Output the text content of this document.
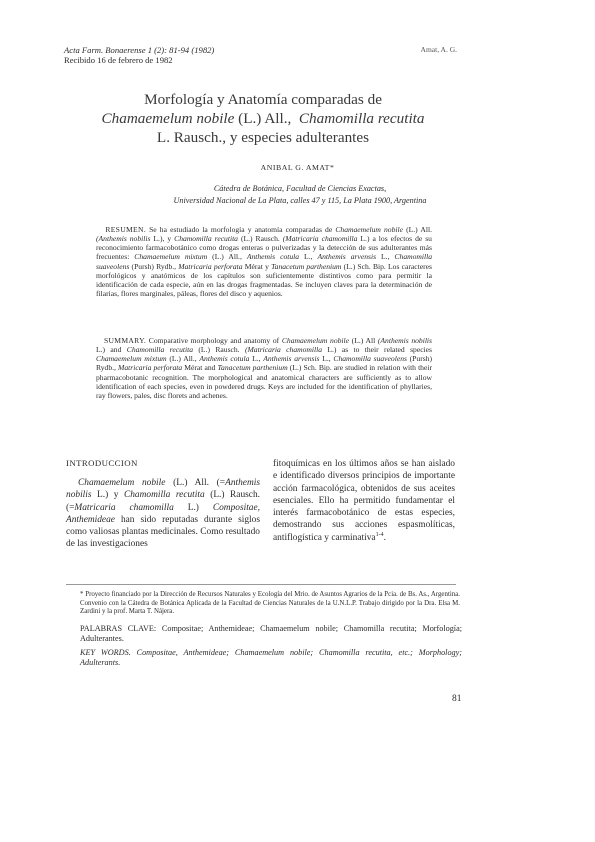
Acta Farm. Bonaerense 1 (2): 81-94 (1982)
Recibido 16 de febrero de 1982
Amat, A. G.
Morfología y Anatomía comparadas de
Chamaemelum nobile (L.) All., Chamomilla recutita
L. Rausch., y especies adulterantes
ANIBAL G. AMAT*
Cátedra de Botánica, Facultad de Ciencias Exactas,
Universidad Nacional de La Plata, calles 47 y 115, La Plata 1900, Argentina
RESUMEN. Se ha estudiado la morfología y anatomía comparadas de Chamaemelum nobile (L.) All. (Anthemis nobilis L.), y Chamomilla recutita (L.) Rausch. (Matricaria chamomilla L.) a los efectos de su reconocimiento farmacobotánico como drogas enteras o pulverizadas y la detección de sus adulterantes más frecuentes: Chamaemelum mixtum (L.) All., Anthemis cotula L., Anthemis arvensis L., Chamomilla suaveolens (Pursh) Rydb., Matricaria perforata Mérat y Tanacetum parthenium (L.) Sch. Bip. Los caracteres morfológicos y anatómicos de los capítulos son suficientemente distintivos como para permitir la identificación de cada especie, aún en las drogas fragmentadas. Se incluyen claves para la determinación de filarias, flores marginales, páleas, flores del disco y aquenios.
SUMMARY. Comparative morphology and anatomy of Chamaemelum nobile (L.) All (Anthemis nobilis L.) and Chamomilla recutita (L.) Rausch. (Matricaria chamomilla L.) as to their related species Chamaemelum mixtum (L.) All., Anthemis cotula L., Anthemis arvensis L., Chamomilla suaveolens (Pursh) Rydb., Matricaria perforata Mérat and Tanacetum parthenium (L.) Sch. Bip. are studied in relation with their pharmacobotanic recognition. The morphological and anatomical characters are sufficiently as to allow identification of each species, even in powdered drugs. Keys are included for the identification of phyllaries, ray flowers, pales, disc florets and achenes.
INTRODUCCION
Chamaemelum nobile (L.) All. (=Anthemis nobilis L.) y Chamomilla recutita (L.) Rausch. (=Matricaria chamomilla L.) Compositae, Anthemideae han sido reputadas durante siglos como valiosas plantas medicinales. Como resultado de las investigaciones
fitoquímicas en los últimos años se han aislado e identificado diversos principios de importante acción farmacológica, obtenidos de sus aceites esenciales. Ello ha permitido fundamentar el interés farmacobotánico de estas especies, demostrando sus acciones espasmolíticas, antiflogística y carminativa$^{1-4}$.
* Proyecto financiado por la Dirección de Recursos Naturales y Ecología del Mrio. de Asuntos Agrarios de la Pcia. de Bs. As., Argentina. Convenio con la Cátedra de Botánica Aplicada de la Facultad de Ciencias Naturales de la U.N.L.P. Trabajo dirigido por la Dra. Elsa M. Zardini y la prof. Marta T. Nájera.
PALABRAS CLAVE: Compositae; Anthemideae; Chamaemelum nobile; Chamomilla recutita; Morfología; Adulterantes.
KEY WORDS. Compositae, Anthemideae; Chamaemelum nobile; Chamomilla recutita, etc.; Morphology; Adulterants.
81
